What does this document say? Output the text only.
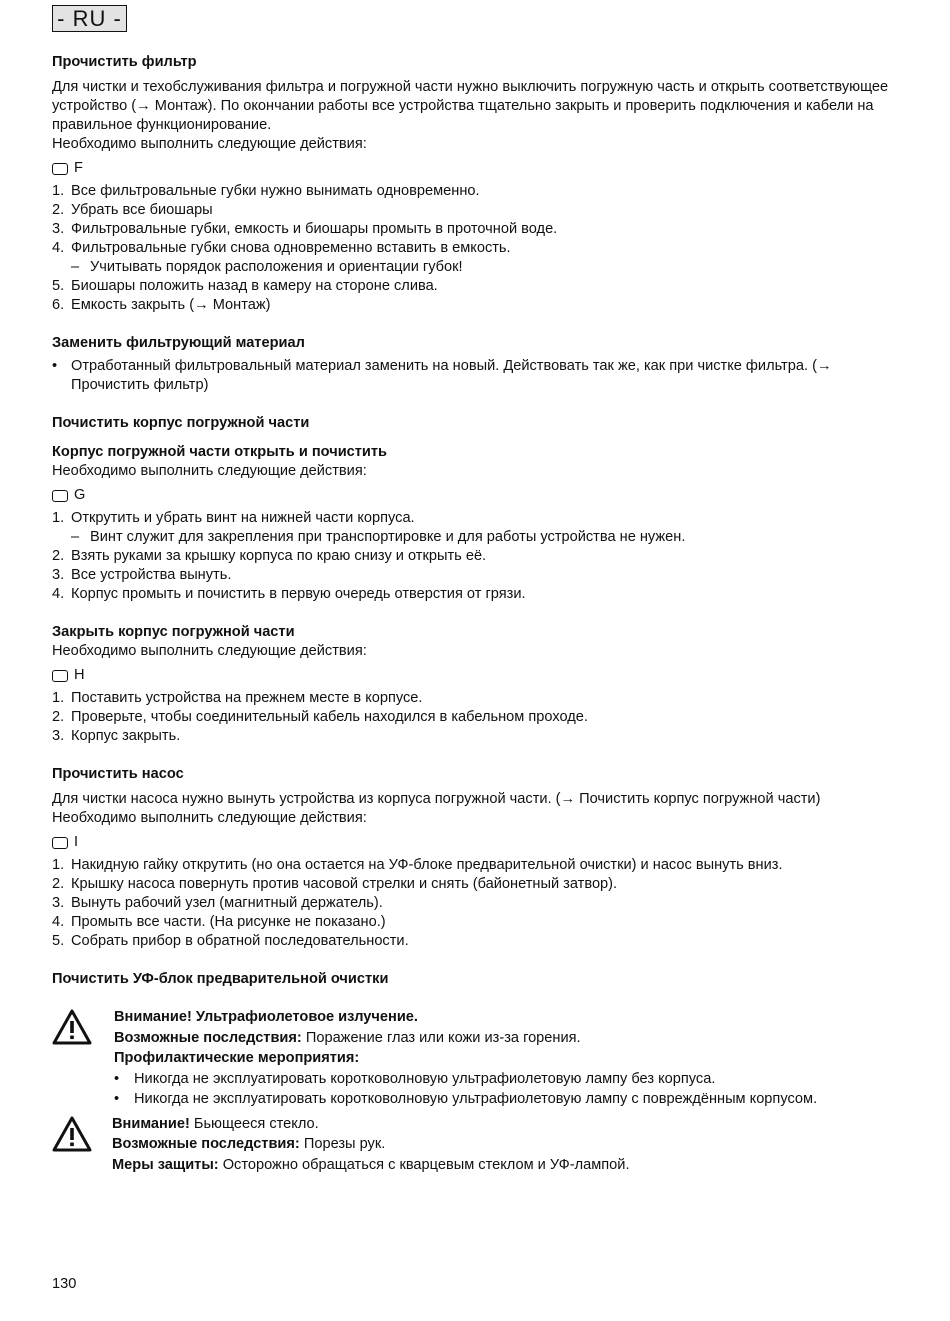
- RU -
Прочистить фильтр

Для чистки и техобслуживания фильтра и погружной части нужно выключить погружную часть и открыть соответствующее устройство (→ Монтаж). По окончании работы все устройства тщательно закрыть и проверить подключения и кабели на правильное функционирование.

Необходимо выполнить следующие действия:

F
1. Все фильтровальные губки нужно вынимать одновременно.
2. Убрать все биошары
3. Фильтровальные губки, емкость и биошары промыть в проточной воде.
4. Фильтровальные губки снова одновременно вставить в емкость.
– Учитывать порядок расположения и ориентации губок!
5. Биошары положить назад в камеру на стороне слива.
6. Емкость закрыть (→ Монтаж)
Заменить фильтрующий материал
• Отработанный фильтровальный материал заменить на новый. Действовать так же, как при чистке фильтра. (→ Прочистить фильтр)
Почистить корпус погружной части
Корпус погружной части открыть и почистить

Необходимо выполнить следующие действия:

G
1. Открутить и убрать винт на нижней части корпуса.
– Винт служит для закрепления при транспортировке и для работы устройства не нужен.
2. Взять руками за крышку корпуса по краю снизу и открыть её.
3. Все устройства вынуть.
4. Корпус промыть и почистить в первую очередь отверстия от грязи.
Закрыть корпус погружной части

Необходимо выполнить следующие действия:

H
1. Поставить устройства на прежнем месте в корпусе.
2. Проверьте, чтобы соединительный кабель находился в кабельном проходе.
3. Корпус закрыть.
Прочистить насос

Для чистки насоса нужно вынуть устройства из корпуса погружной части. (→ Почистить корпус погружной части)

Необходимо выполнить следующие действия:

I
1. Накидную гайку открутить (но она остается на УФ-блоке предварительной очистки) и насос вынуть вниз.
2. Крышку насоса повернуть против часовой стрелки и снять (байонетный затвор).
3. Вынуть рабочий узел (магнитный держатель).
4. Промыть все части. (На рисунке не показано.)
5. Собрать прибор в обратной последовательности.
Почистить УФ-блок предварительной очистки
Внимание! Ультрафиолетовое излучение.
Возможные последствия: Поражение глаз или кожи из-за горения.
Профилактические мероприятия:
•	Никогда не эксплуатировать коротковолновую ультрафиолетовую лампу без корпуса.
•	Никогда не эксплуатировать коротковолновую ультрафиолетовую лампу с повреждённым корпусом.
Внимание! Бьющееся стекло.
Возможные последствия: Порезы рук.
Меры защиты: Осторожно обращаться с кварцевым стеклом и УФ-лампой.
130
